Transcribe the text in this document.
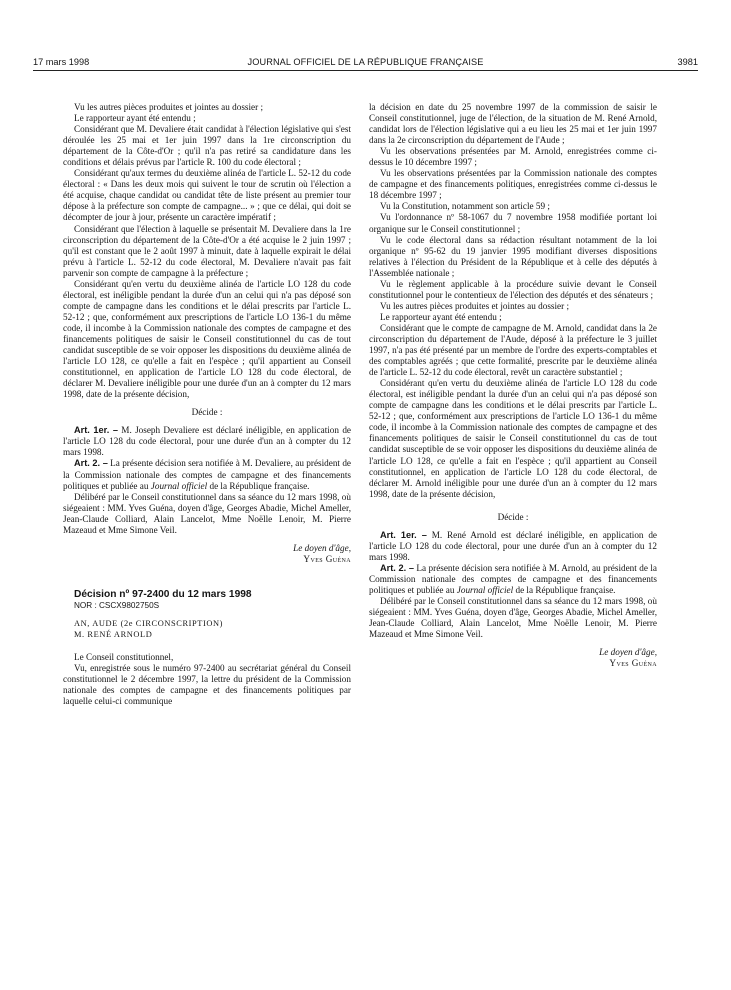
17 mars 1998	JOURNAL OFFICIEL DE LA RÉPUBLIQUE FRANÇAISE	3981

Vu les autres pièces produites et jointes au dossier ;

Le rapporteur ayant été entendu ;

Considérant que M. Devaliere était candidat à l'élection législative qui s'est déroulée les 25 mai et 1er juin 1997 dans la 1re circonscription du département de la Côte-d'Or ; qu'il n'a pas retiré sa candidature dans les conditions et délais prévus par l'article R. 100 du code électoral ;

Considérant qu'aux termes du deuxième alinéa de l'article L. 52-12 du code électoral : « Dans les deux mois qui suivent le tour de scrutin où l'élection a été acquise, chaque candidat ou candidat tête de liste présent au premier tour dépose à la préfecture son compte de campagne... » ; que ce délai, qui doit se décompter de jour à jour, présente un caractère impératif ;

Considérant que l'élection à laquelle se présentait M. Devaliere dans la 1re circonscription du département de la Côte-d'Or a été acquise le 2 juin 1997 ; qu'il est constant que le 2 août 1997 à minuit, date à laquelle expirait le délai prévu à l'article L. 52-12 du code électoral, M. Devaliere n'avait pas fait parvenir son compte de campagne à la préfecture ;

Considérant qu'en vertu du deuxième alinéa de l'article LO 128 du code électoral, est inéligible pendant la durée d'un an celui qui n'a pas déposé son compte de campagne dans les conditions et le délai prescrits par l'article L. 52-12 ; que, conformément aux prescriptions de l'article LO 136-1 du même code, il incombe à la Commission nationale des comptes de campagne et des financements politiques de saisir le Conseil constitutionnel du cas de tout candidat susceptible de se voir opposer les dispositions du deuxième alinéa de l'article LO 128, ce qu'elle a fait en l'espèce ; qu'il appartient au Conseil constitutionnel, en application de l'article LO 128 du code électoral, de déclarer M. Devaliere inéligible pour une durée d'un an à compter du 12 mars 1998, date de la présente décision,

Décide :

Art. 1er. – M. Joseph Devaliere est déclaré inéligible, en application de l'article LO 128 du code électoral, pour une durée d'un an à compter du 12 mars 1998.

Art. 2. – La présente décision sera notifiée à M. Devaliere, au président de la Commission nationale des comptes de campagne et des financements politiques et publiée au Journal officiel de la République française.

Délibéré par le Conseil constitutionnel dans sa séance du 12 mars 1998, où siégeaient : MM. Yves Guéna, doyen d'âge, Georges Abadie, Michel Ameller, Jean-Claude Colliard, Alain Lancelot, Mme Noëlle Lenoir, M. Pierre Mazeaud et Mme Simone Veil.

Le doyen d'âge,

Yves Guéna

Décision nº 97-2400 du 12 mars 1998

NOR : CSCX9802750S

AN, AUDE (2e CIRCONSCRIPTION)

M. RENÉ ARNOLD

Le Conseil constitutionnel,

Vu, enregistrée sous le numéro 97-2400 au secrétariat général du Conseil constitutionnel le 2 décembre 1997, la lettre du président de la Commission nationale des comptes de campagne et des financements politiques par laquelle celui-ci communique

la décision en date du 25 novembre 1997 de la commission de saisir le Conseil constitutionnel, juge de l'élection, de la situation de M. René Arnold, candidat lors de l'élection législative qui a eu lieu les 25 mai et 1er juin 1997 dans la 2e circonscription du département de l'Aude ;

Vu les observations présentées par M. Arnold, enregistrées comme ci-dessus le 10 décembre 1997 ;

Vu les observations présentées par la Commission nationale des comptes de campagne et des financements politiques, enregistrées comme ci-dessus le 18 décembre 1997 ;

Vu la Constitution, notamment son article 59 ;

Vu l'ordonnance nº 58-1067 du 7 novembre 1958 modifiée portant loi organique sur le Conseil constitutionnel ;

Vu le code électoral dans sa rédaction résultant notamment de la loi organique nº 95-62 du 19 janvier 1995 modifiant diverses dispositions relatives à l'élection du Président de la République et à celle des députés à l'Assemblée nationale ;

Vu le règlement applicable à la procédure suivie devant le Conseil constitutionnel pour le contentieux de l'élection des députés et des sénateurs ;

Vu les autres pièces produites et jointes au dossier ;

Le rapporteur ayant été entendu ;

Considérant que le compte de campagne de M. Arnold, candidat dans la 2e circonscription du département de l'Aude, déposé à la préfecture le 3 juillet 1997, n'a pas été présenté par un membre de l'ordre des experts-comptables et des comptables agréés ; que cette formalité, prescrite par le deuxième alinéa de l'article L. 52-12 du code électoral, revêt un caractère substantiel ;

Considérant qu'en vertu du deuxième alinéa de l'article LO 128 du code électoral, est inéligible pendant la durée d'un an celui qui n'a pas déposé son compte de campagne dans les conditions et le délai prescrits par l'article L. 52-12 ; que, conformément aux prescriptions de l'article LO 136-1 du même code, il incombe à la Commission nationale des comptes de campagne et des financements politiques de saisir le Conseil constitutionnel du cas de tout candidat susceptible de se voir opposer les dispositions du deuxième alinéa de l'article LO 128, ce qu'elle a fait en l'espèce ; qu'il appartient au Conseil constitutionnel, en application de l'article LO 128 du code électoral, de déclarer M. Arnold inéligible pour une durée d'un an à compter du 12 mars 1998, date de la présente décision,

Décide :

Art. 1er. – M. René Arnold est déclaré inéligible, en application de l'article LO 128 du code électoral, pour une durée d'un an à compter du 12 mars 1998.

Art. 2. – La présente décision sera notifiée à M. Arnold, au président de la Commission nationale des comptes de campagne et des financements politiques et publiée au Journal officiel de la République française.

Délibéré par le Conseil constitutionnel dans sa séance du 12 mars 1998, où siégeaient : MM. Yves Guéna, doyen d'âge, Georges Abadie, Michel Ameller, Jean-Claude Colliard, Alain Lancelot, Mme Noëlle Lenoir, M. Pierre Mazeaud et Mme Simone Veil.

Le doyen d'âge,

Yves Guéna
